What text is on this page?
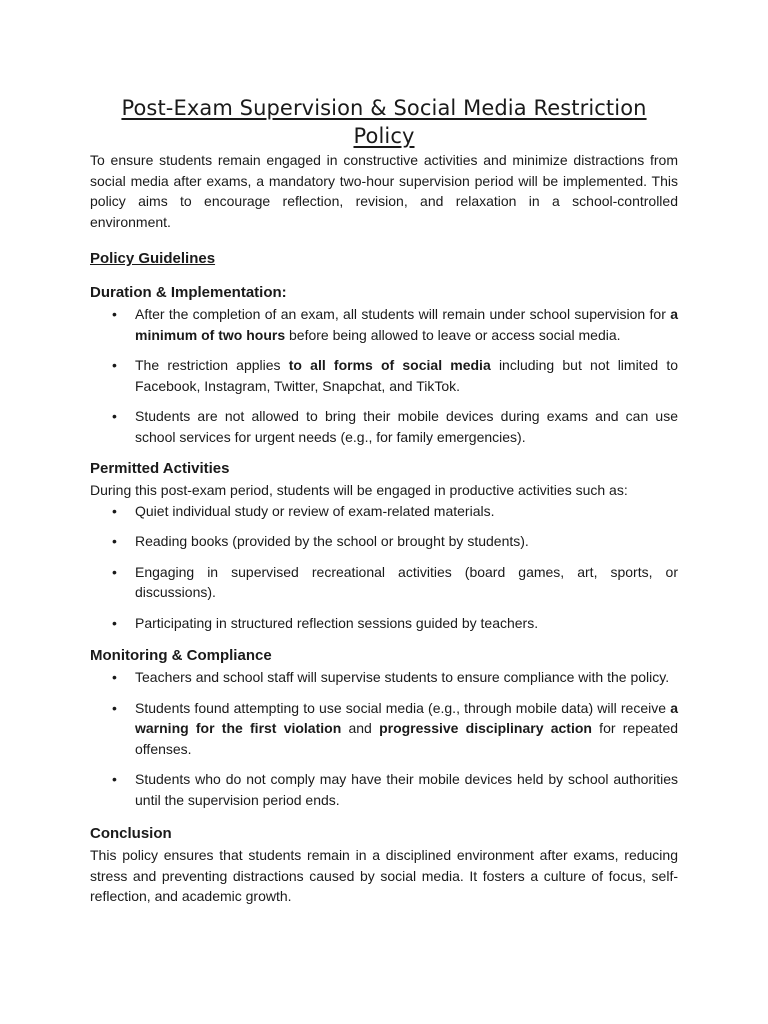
Post-Exam Supervision & Social Media Restriction Policy

To ensure students remain engaged in constructive activities and minimize distractions from social media after exams, a mandatory two-hour supervision period will be implemented. This policy aims to encourage reflection, revision, and relaxation in a school-controlled environment.

Policy Guidelines
Duration & Implementation:
• After the completion of an exam, all students will remain under school supervision for a minimum of two hours before being allowed to leave or access social media.
• The restriction applies to all forms of social media including but not limited to Facebook, Instagram, Twitter, Snapchat, and TikTok.
• Students are not allowed to bring their mobile devices during exams and can use school services for urgent needs (e.g., for family emergencies).
Permitted Activities

During this post-exam period, students will be engaged in productive activities such as:

• Quiet individual study or review of exam-related materials.
• Reading books (provided by the school or brought by students).
• Engaging in supervised recreational activities (board games, art, sports, or discussions).
• Participating in structured reflection sessions guided by teachers.
Monitoring & Compliance
• Teachers and school staff will supervise students to ensure compliance with the policy.
• Students found attempting to use social media (e.g., through mobile data) will receive a warning for the first violation and progressive disciplinary action for repeated offenses.
• Students who do not comply may have their mobile devices held by school authorities until the supervision period ends.
Conclusion

This policy ensures that students remain in a disciplined environment after exams, reducing stress and preventing distractions caused by social media. It fosters a culture of focus, self-reflection, and academic growth.
